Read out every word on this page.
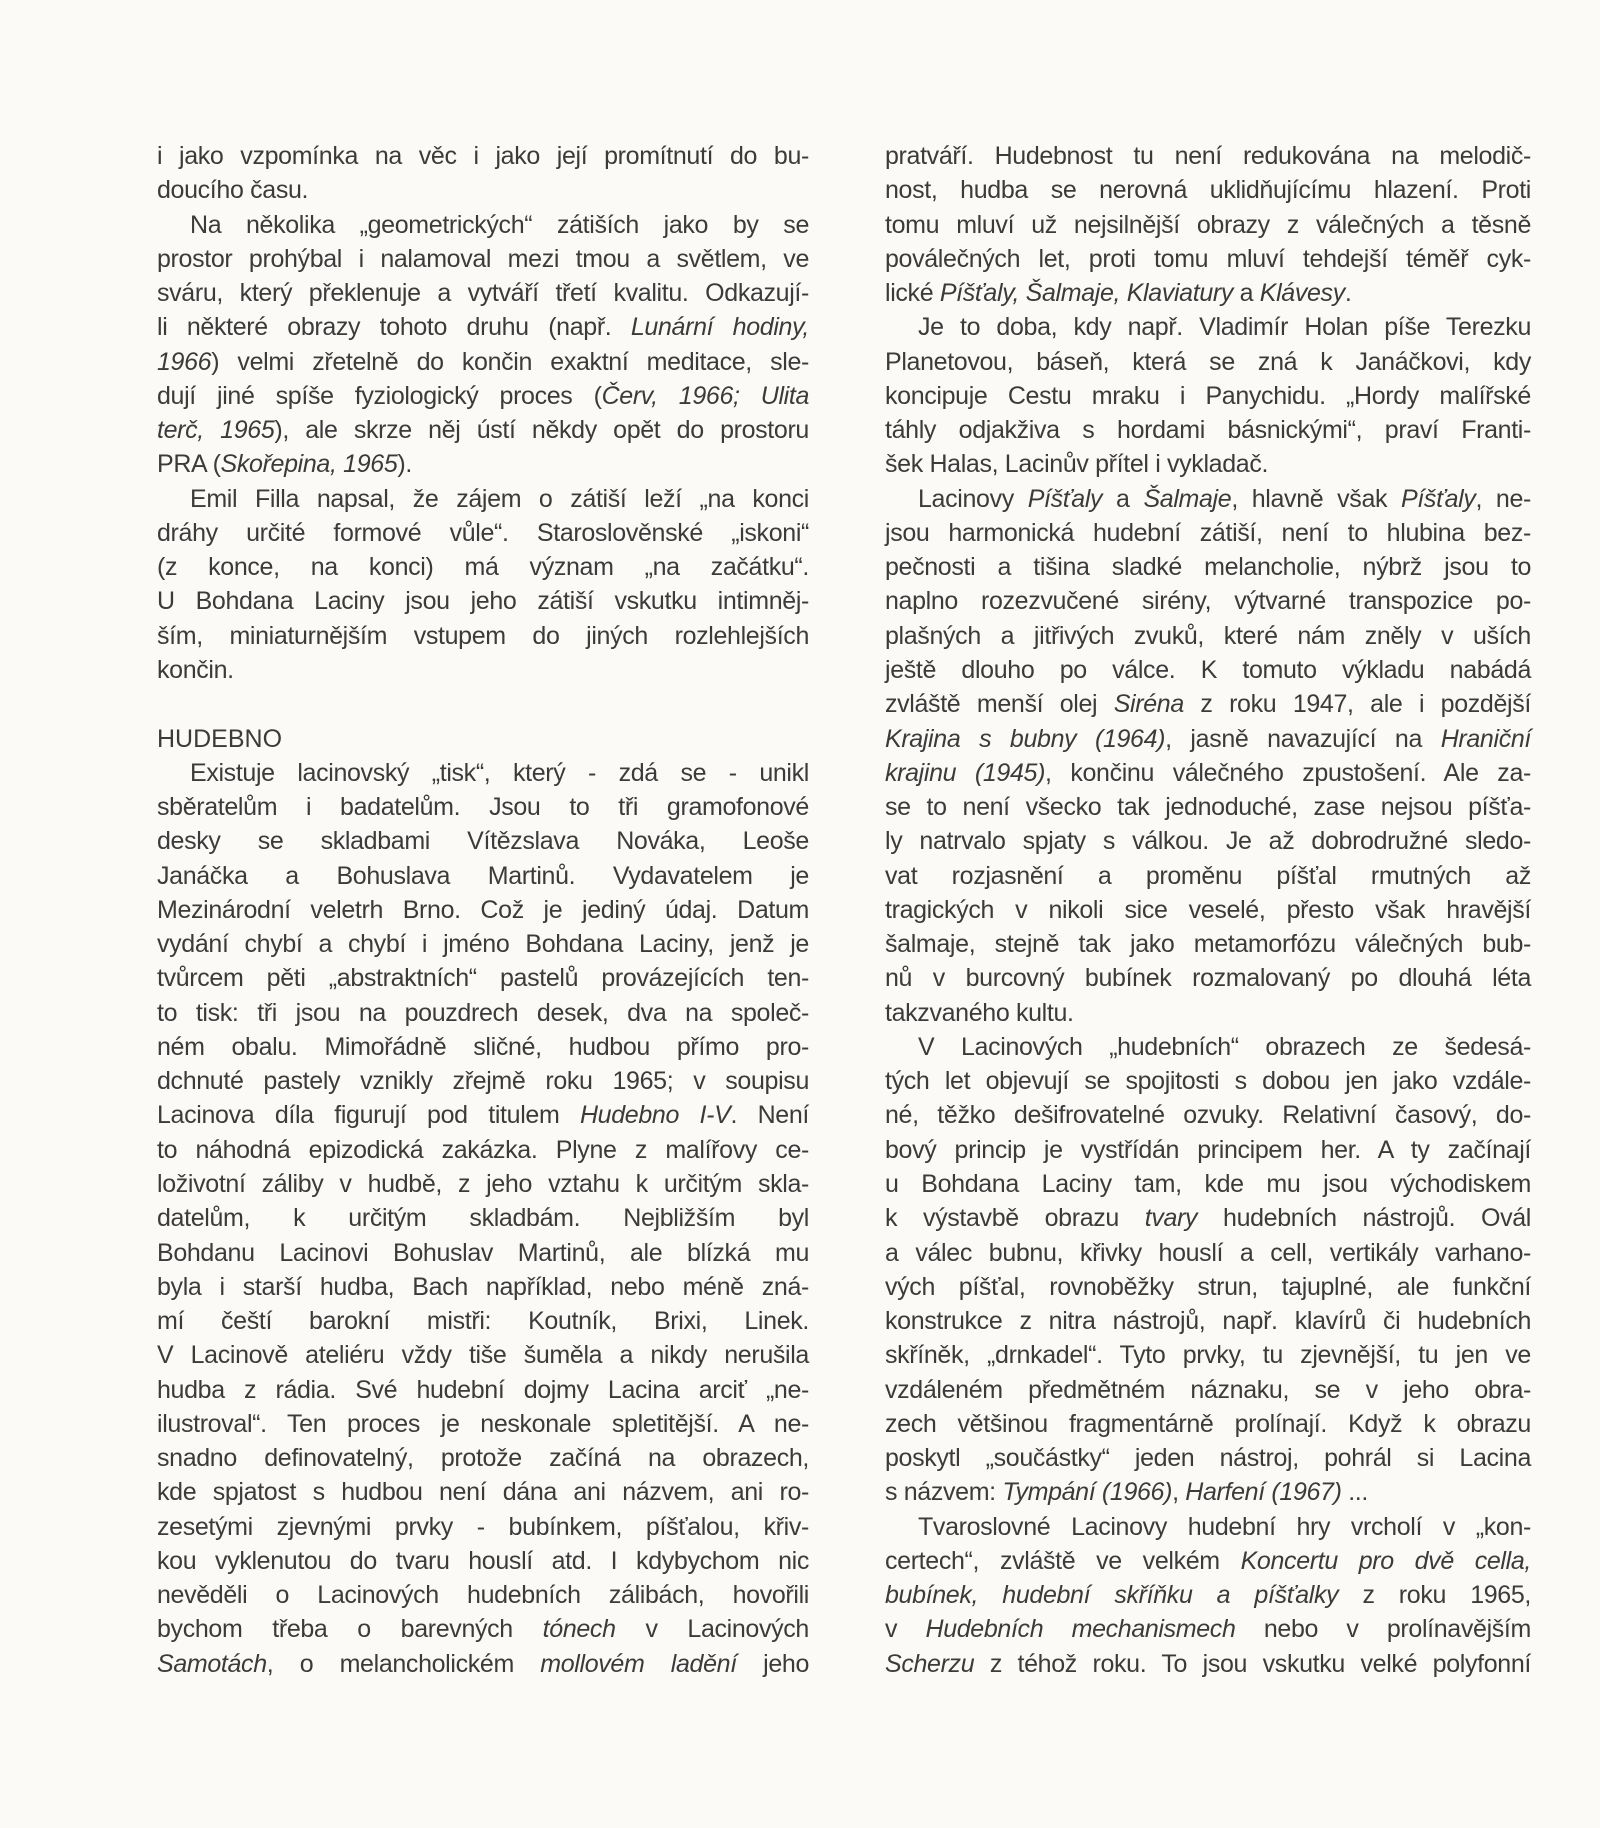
i jako vzpomínka na věc i jako její promítnutí do bu-
doucího času.
Na několika „geometrických“ zátiších jako by se
prostor prohýbal i nalamoval mezi tmou a světlem, ve
sváru, který překlenuje a vytváří třetí kvalitu. Odkazují-
li některé obrazy tohoto druhu (např. Lunární hodiny,
1966) velmi zřetelně do končin exaktní meditace, sle-
dují jiné spíše fyziologický proces (Červ, 1966; Ulita
terč, 1965), ale skrze něj ústí někdy opět do prostoru
PRA (Skořepina, 1965).
Emil Filla napsal, že zájem o zátiší leží „na konci
dráhy určité formové vůle“. Staroslověnské „iskoni“
(z konce, na konci) má význam „na začátku“.
U Bohdana Laciny jsou jeho zátiší vskutku intimněj-
ším, miniaturnějším vstupem do jiných rozlehlejších
končin.

HUDEBNO
Existuje lacinovský „tisk“, který - zdá se - unikl
sběratelům i badatelům. Jsou to tři gramofonové
desky se skladbami Vítězslava Nováka, Leoše
Janáčka a Bohuslava Martinů. Vydavatelem je
Mezinárodní veletrh Brno. Což je jediný údaj. Datum
vydání chybí a chybí i jméno Bohdana Laciny, jenž je
tvůrcem pěti „abstraktních“ pastelů provázejících ten-
to tisk: tři jsou na pouzdrech desek, dva na společ-
ném obalu. Mimořádně sličné, hudbou přímo pro-
dchnuté pastely vznikly zřejmě roku 1965; v soupisu
Lacinova díla figurují pod titulem Hudebno I-V. Není
to náhodná epizodická zakázka. Plyne z malířovy ce-
loživotní záliby v hudbě, z jeho vztahu k určitým skla-
datelům, k určitým skladbám. Nejbližším byl
Bohdanu Lacinovi Bohuslav Martinů, ale blízká mu
byla i starší hudba, Bach například, nebo méně zná-
mí čeští barokní mistři: Koutník, Brixi, Linek.
V Lacinově ateliéru vždy tiše šuměla a nikdy nerušila
hudba z rádia. Své hudební dojmy Lacina arciť „ne-
ilustroval“. Ten proces je neskonale spletitější. A ne-
snadno definovatelný, protože začíná na obrazech,
kde spjatost s hudbou není dána ani názvem, ani ro-
zesetými zjevnými prvky - bubínkem, píšťalou, křiv-
kou vyklenutou do tvaru houslí atd. I kdybychom nic
nevěděli o Lacinových hudebních zálibách, hovořili
bychom třeba o barevných tónech v Lacinových
Samotách, o melancholickém mollovém ladění jeho
pratváří. Hudebnost tu není redukována na melodič-
nost, hudba se nerovná uklidňujícímu hlazení. Proti
tomu mluví už nejsilnější obrazy z válečných a těsně
poválečných let, proti tomu mluví tehdejší téměř cyk-
lické Píšťaly, Šalmaje, Klaviatury a Klávesy.
Je to doba, kdy např. Vladimír Holan píše Terezku
Planetovou, báseň, která se zná k Janáčkovi, kdy
koncipuje Cestu mraku i Panychidu. „Hordy malířské
táhly odjakživa s hordami básnickými“, praví Franti-
šek Halas, Lacinův přítel i vykladač.
Lacinovy Píšťaly a Šalmaje, hlavně však Píšťaly, ne-
jsou harmonická hudební zátiší, není to hlubina bez-
pečnosti a tišina sladké melancholie, nýbrž jsou to
naplno rozezvučené sirény, výtvarné transpozice po-
plašných a jitřivých zvuků, které nám zněly v uších
ještě dlouho po válce. K tomuto výkladu nabádá
zvláště menší olej Siréna z roku 1947, ale i pozdější
Krajina s bubny (1964), jasně navazující na Hraniční
krajinu (1945), končinu válečného zpustošení. Ale za-
se to není všecko tak jednoduché, zase nejsou píšťa-
ly natrvalo spjaty s válkou. Je až dobrodružné sledo-
vat rozjasnění a proměnu píšťal rmutných až
tragických v nikoli sice veselé, přesto však hravější
šalmaje, stejně tak jako metamorfózu válečných bub-
nů v burcovný bubínek rozmalovaný po dlouhá léta
takzvaného kultu.
V Lacinových „hudebních“ obrazech ze šedesá-
tých let objevují se spojitosti s dobou jen jako vzdále-
né, těžko dešifrovatelné ozvuky. Relativní časový, do-
bový princip je vystřídán principem her. A ty začínají
u Bohdana Laciny tam, kde mu jsou východiskem
k výstavbě obrazu tvary hudebních nástrojů. Ovál
a válec bubnu, křivky houslí a cell, vertikály varhano-
vých píšťal, rovnoběžky strun, tajuplné, ale funkční
konstrukce z nitra nástrojů, např. klavírů či hudebních
skříněk, „drnkadel“. Tyto prvky, tu zjevnější, tu jen ve
vzdáleném předmětném náznaku, se v jeho obra-
zech většinou fragmentárně prolínají. Když k obrazu
poskytl „součástky“ jeden nástroj, pohrál si Lacina
s názvem: Tympání (1966), Harfení (1967) ...
Tvaroslovné Lacinovy hudební hry vrcholí v „kon-
certech“, zvláště ve velkém Koncertu pro dvě cella,
bubínek, hudební skříňku a píšťalky z roku 1965,
v Hudebních mechanismech nebo v prolínavějším
Scherzu z téhož roku. To jsou vskutku velké polyfonní
